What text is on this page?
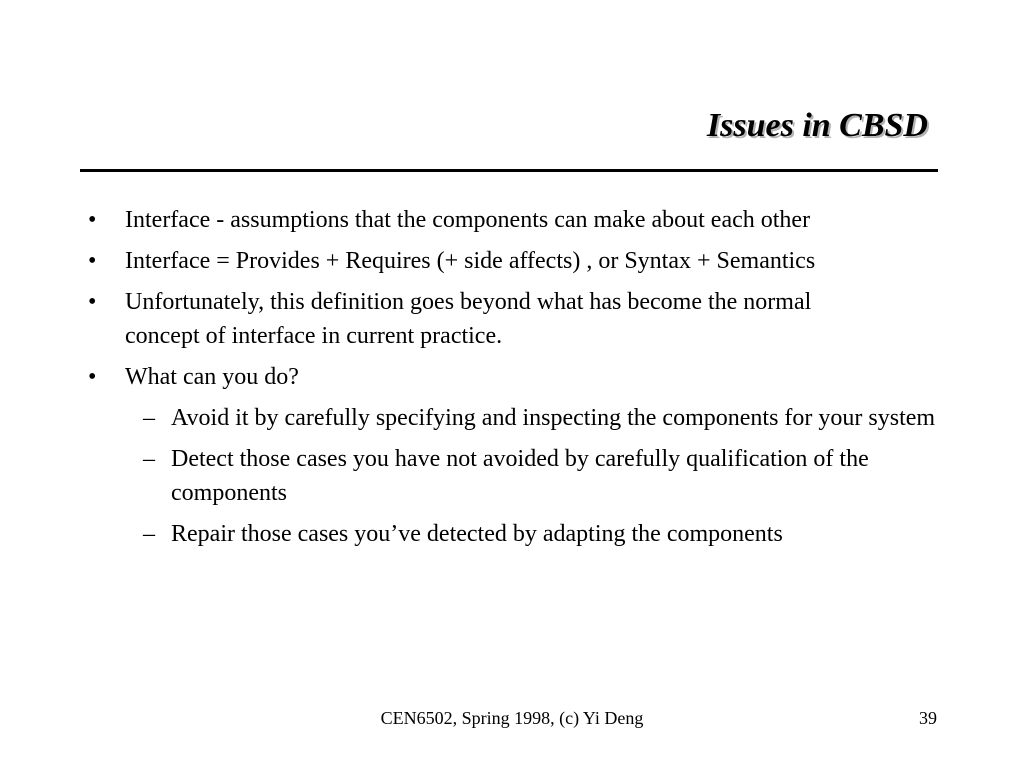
Issues in CBSD
• Interface - assumptions that the components can make about each other
• Interface = Provides + Requires (+ side affects) , or Syntax + Semantics
• Unfortunately, this definition goes beyond what has become the normal concept of interface in current practice.
• What can you do?
– Avoid it by carefully specifying and inspecting the components for your system
– Detect those cases you have not avoided by carefully qualification of the components
– Repair those cases you’ve detected by adapting the components
CEN6502, Spring 1998, (c) Yi Deng	39
